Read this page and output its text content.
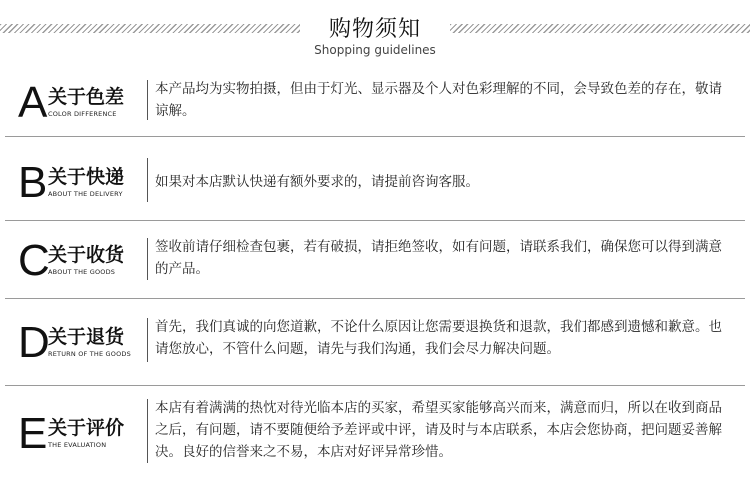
购物须知
Shopping guidelines
A 关于色差
COLOR DIFFERENCE
本产品均为实物拍摄，但由于灯光、显示器及个人对色彩理解的不同，会导致色差的存在，敬请谅解。
B 关于快递
ABOUT THE DELIVERY
如果对本店默认快递有额外要求的，请提前咨询客服。
C
关于收货
ABOUT THE GOODS
签收前请仔细检查包裹，若有破损，请拒绝签收，如有问题，请联系我们，确保您可以得到满意的产品。
D
关于退货
RETURN OF THE GOODS
首先，我们真诚的向您道歉，不论什么原因让您需要退换货和退款，我们都感到遗憾和歉意。也请您放心，不管什么问题，请先与我们沟通，我们会尽力解决问题。
E 关于评价
THE EVALUATION
本店有着满满的热忱对待光临本店的买家，希望买家能够高兴而来，满意而归，所以在收到商品之后，有问题，请不要随便给予差评或中评，请及时与本店联系，本店会您协商，把问题妥善解决。良好的信誉来之不易，本店对好评异常珍惜。
